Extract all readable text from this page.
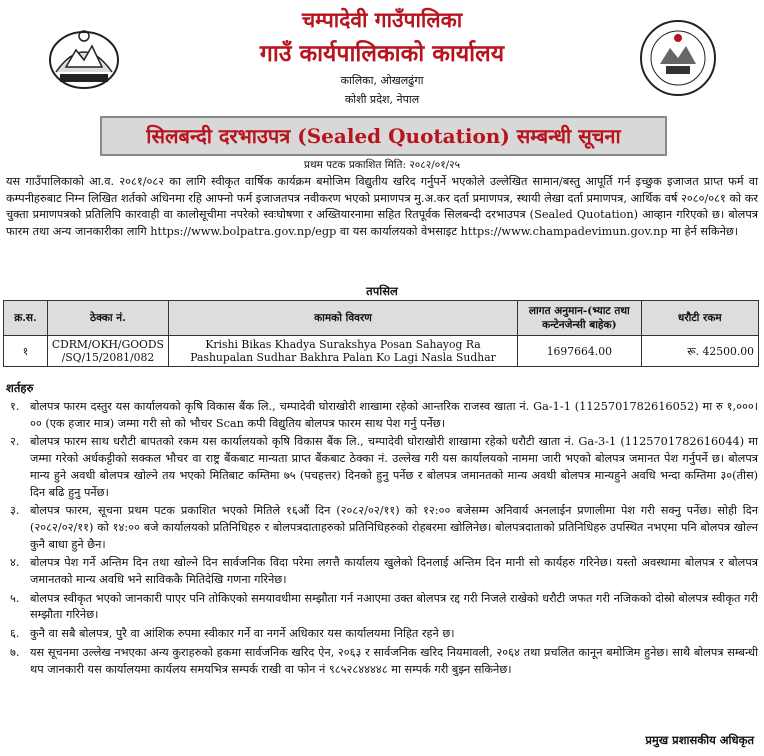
चम्पादेवी गाउँपालिका
गाउँ कार्यपालिकाको कार्यालय
कालिका, ओखलढुंगा
कोशी प्रदेश, नेपाल
सिलबन्दी दरभाउपत्र (Sealed Quotation) सम्बन्धी सूचना
प्रथम पटक प्रकाशित मिति: २०८२/०१/२५
यस गाउँपालिकाको आ.व. २०८१/०८२ का लागि स्वीकृत वार्षिक कार्यक्रम बमोजिम विद्युतीय खरिद गर्नुपर्ने भएकोले उल्लेखित सामान/बस्तु आपूर्ति गर्न इच्छुक इजाजत प्राप्त फर्म वा कम्पनीहरुबाट निम्न लिखित शर्तको अधिनमा रहि आफ्नो फर्म इजाजतपत्र नवीकरण भएको प्रमाणपत्र मु.अ.कर दर्ता प्रमाणपत्र, स्थायी लेखा दर्ता प्रमाणपत्र, आर्थिक वर्ष २०८०/०८१ को कर चुक्ता प्रमाणपत्रको प्रतिलिपि कारवाही वा कालोसूचीमा नपरेको स्वःघोषणा र अख्तियारनामा सहित रितपूर्वक सिलबन्दी दरभाउपत्र (Sealed Quotation) आव्हान गरिएको छ। बोलपत्र फारम तथा अन्य जानकारीका लागि https://www.bolpatra.gov.np/egp वा यस कार्यालयको वेभसाइट https://www.champadevimun.gov.np मा हेर्न सकिनेछ।
तपसिल
क्र.स.	ठेक्का नं.	कामको विवरण	लागत अनुमान-(भ्याट तथा कन्टेनजेन्सी बाहेक)	धरौटी रकम
१	CDRM/OKH/GOODS /SQ/15/2081/082	Krishi Bikas Khadya Surakshya Posan Sahayog Ra Pashupalan Sudhar Bakhra Palan Ko Lagi Nasla Sudhar	1697664.00	रू. 42500.00
शर्तहरु
१. बोलपत्र फारम दस्तुर यस कार्यालयको कृषि विकास बैंक लि., चम्पादेवी घोराखोरी शाखामा रहेको आन्तरिक राजस्व खाता नं. Ga-1-1 (1125701782616052) मा रु १,०००।०० (एक हजार मात्र) जम्मा गरी सो को भौचर Scan कपी विद्युतिय बोलपत्र फारम साथ पेश गर्नु पर्नेछ।
२. बोलपत्र फारम साथ धरौटी बापतको रकम यस कार्यालयको कृषि विकास बैंक लि., चम्पादेवी घोराखोरी शाखामा रहेको धरौटी खाता नं. Ga-3-1 (1125701782616044) मा जम्मा गरेको अर्धकट्टीको सक्कल भौचर वा राष्ट्र बैंकबाट मान्यता प्राप्त बैंकबाट ठेक्का नं. उल्लेख गरी यस कार्यालयको नाममा जारी भएको बोलपत्र जमानत पेश गर्नुपर्ने छ। बोलपत्र मान्य हुने अवधी बोलपत्र खोल्ने तय भएको मितिबाट कम्तिमा ७५ (पचहत्तर) दिनको हुनु पर्नेछ र बोलपत्र जमानतको मान्य अवधी बोलपत्र मान्यहुने अवधि भन्दा कम्तिमा ३०(तीस) दिन बढि हुनु पर्नेछ।
३. बोलपत्र फारम, सूचना प्रथम पटक प्रकाशित भएको मितिले १६औं दिन (२०८२/०२/११) को १२:०० बजेसम्म अनिवार्य अनलाईन प्रणालीमा पेश गरी सक्नु पर्नेछ। सोही दिन (२०८२/०२/११) को १४:०० बजे कार्यालयको प्रतिनिधिहरु र बोलपत्रदाताहरुको प्रतिनिधिहरुको रोहबरमा खोलिनेछ। बोलपत्रदाताको प्रतिनिधिहरु उपस्थित नभएमा पनि बोलपत्र खोल्न कुनै बाधा हुने छैन।
४. बोलपत्र पेश गर्ने अन्तिम दिन तथा खोल्ने दिन सार्वजनिक विदा परेमा लगत्तै कार्यालय खुलेको दिनलाई अन्तिम दिन मानी सो कार्यहरु गरिनेछ। यस्तो अवस्थामा बोलपत्र र बोलपत्र जमानतको मान्य अवधि भने साविककै मितिदेखि गणना गरिनेछ।
५. बोलपत्र स्वीकृत भएको जानकारी पाएर पनि तोकिएको समयावधीमा सम्झौता गर्न नआएमा उक्त बोलपत्र रद्द गरी निजले राखेको धरौटी जफत गरी नजिकको दोस्रो बोलपत्र स्वीकृत गरी सम्झौता गरिनेछ।
६. कुनै वा सबै बोलपत्र, पुरै वा आंशिक रुपमा स्वीकार गर्ने वा नगर्ने अधिकार यस कार्यालयमा निहित रहने छ।
७. यस सूचनमा उल्लेख नभएका अन्य कुराहरुको हकमा सार्वजनिक खरिद ऐन, २०६३ र सार्वजनिक खरिद नियमावली, २०६४ तथा प्रचलित कानून बमोजिम हुनेछ। साथै बोलपत्र सम्बन्धी थप जानकारी यस कार्यालयमा कार्यलय समयभित्र सम्पर्क राखी वा फोन नं ९८५२८४४४४८ मा सम्पर्क गरी बुझ्न सकिनेछ।
प्रमुख प्रशासकीय अधिकृत
